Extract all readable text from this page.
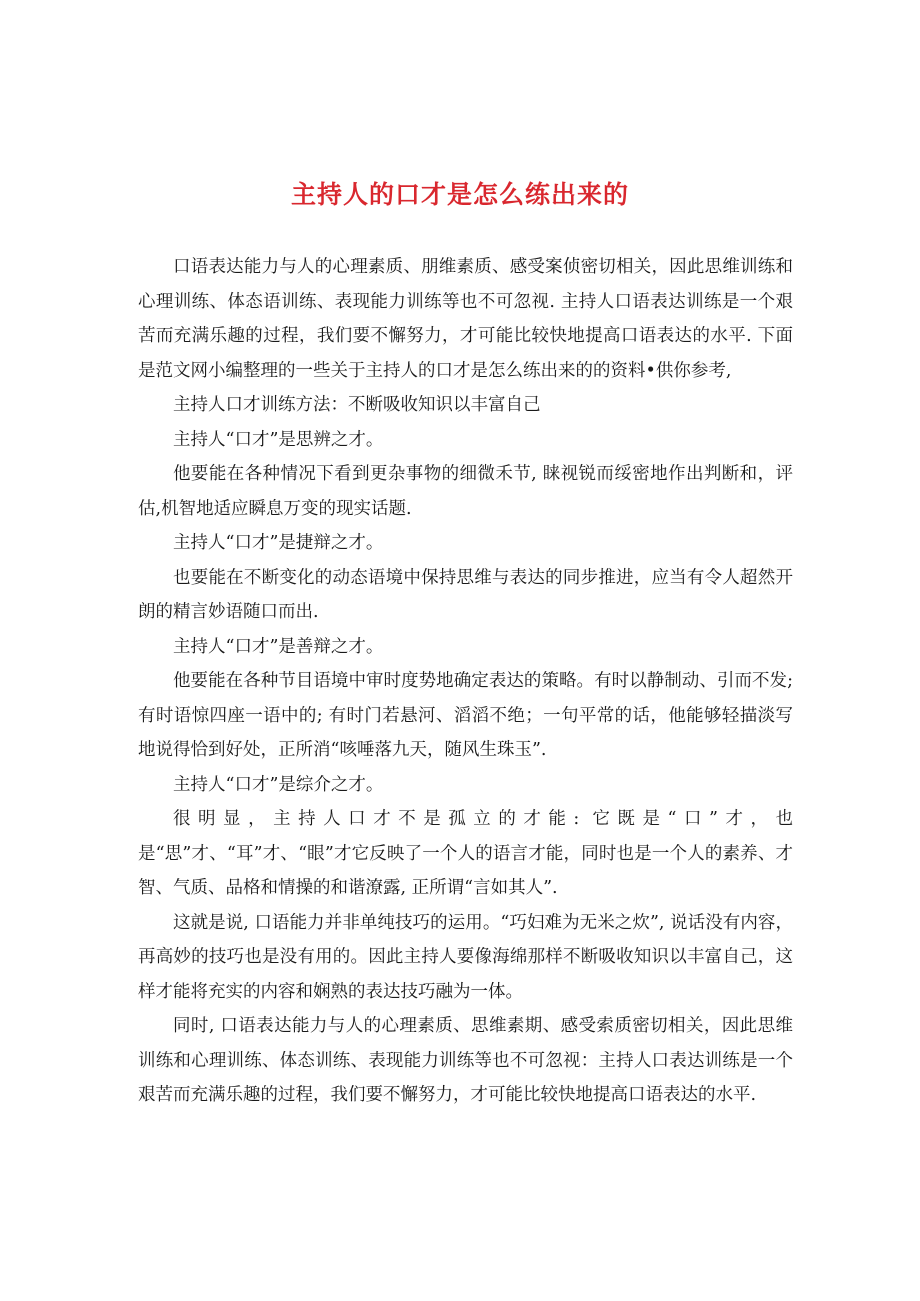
主持人的口才是怎么练出来的

口语表达能力与人的心理素质、朋维素质、感受案侦密切相关，因此思维训练和心理训练、体态语训练、表现能力训练等也不可忽视. 主持人口语表达训练是一个艰苦而充满乐趣的过程，我们要不懈努力，才可能比较快地提高口语表达的水平. 下面是范文网小编整理的一些关于主持人的口才是怎么练出来的的资料•供你参考,

主持人口才训练方法：不断吸收知识以丰富自己

主持人“口才”是思辨之才。

他要能在各种情况下看到更杂事物的细微禾节, 睐视锐而绥密地作出判断和，评估,机智地适应瞬息万变的现实话题.

主持人“口才”是捷辩之才。

也要能在不断变化的动态语境中保持思维与表达的同步推进，应当有令人超然开朗的精言妙语随口而出.

主持人“口才”是善辩之才。

他要能在各种节目语境中审时度势地确定表达的策略。有时以静制动、引而不发; 有时语惊四座一语中的; 有时门若悬河、滔滔不绝；一句平常的话，他能够轻描淡写地说得恰到好处，正所消“咳唾落九天，随风生珠玉”.

主持人“口才”是综介之才。

很明显，主持人口才不是孤立的才能: 它既是“口”才，也是“思”才、“耳”才、“眼”才它反映了一个人的语言才能，同时也是一个人的素养、才智、气质、品格和情操的和谐潦露, 正所谓“言如其人”.

这就是说, 口语能力并非单纯技巧的运用。“巧妇难为无米之炊”, 说话没有内容，再高妙的技巧也是没有用的。因此主持人要像海绵那样不断吸收知识以丰富自己，这样才能将充实的内容和娴熟的表达技巧融为一体。

同时, 口语表达能力与人的心理素质、思维素期、感受索质密切相关，因此思维训练和心理训练、体态训练、表现能力训练等也不可忽视：主持人口表达训练是一个艰苦而充满乐趣的过程，我们要不懈努力，才可能比较快地提高口语表达的水平.
